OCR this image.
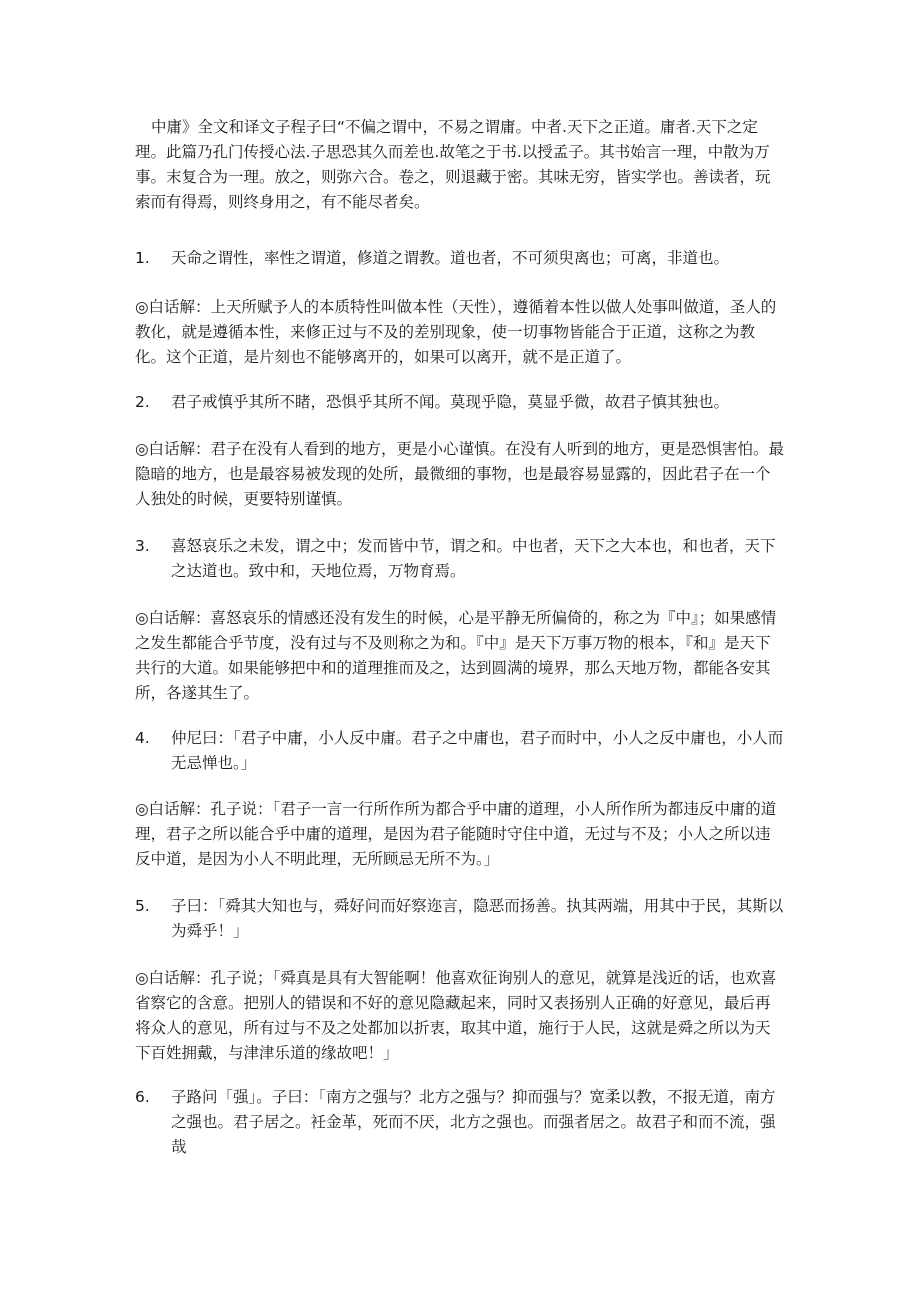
中庸》全文和译文子程子曰“不偏之谓中，不易之谓庸。中者.天下之正道。庸者.天下之定理。此篇乃孔门传授心法.子思恐其久而差也.故笔之于书.以授孟子。其书始言一理，中散为万事。末复合为一理。放之，则弥六合。卷之，则退藏于密。其味无穷，皆实学也。善读者，玩索而有得焉，则终身用之，有不能尽者矣。

1.	天命之谓性，率性之谓道，修道之谓教。道也者，不可须臾离也；可离，非道也。

◎白话解：上天所赋予人的本质特性叫做本性（天性），遵循着本性以做人处事叫做道，圣人的教化，就是遵循本性，来修正过与不及的差别现象，使一切事物皆能合于正道，这称之为教化。这个正道，是片刻也不能够离开的，如果可以离开，就不是正道了。

2.	君子戒慎乎其所不睹，恐惧乎其所不闻。莫现乎隐，莫显乎微，故君子慎其独也。

◎白话解：君子在没有人看到的地方，更是小心谨慎。在没有人听到的地方，更是恐惧害怕。最隐暗的地方，也是最容易被发现的处所，最微细的事物，也是最容易显露的，因此君子在一个人独处的时候，更要特别谨慎。

3.	喜怒哀乐之未发，谓之中；发而皆中节，谓之和。中也者，天下之大本也，和也者，天下之达道也。致中和，天地位焉，万物育焉。

◎白话解：喜怒哀乐的情感还没有发生的时候，心是平静无所偏倚的，称之为『中』；如果感情之发生都能合乎节度，没有过与不及则称之为和。『中』是天下万事万物的根本，『和』是天下共行的大道。如果能够把中和的道理推而及之，达到圆满的境界，那么天地万物，都能各安其所，各遂其生了。

4.	仲尼曰：「君子中庸，小人反中庸。君子之中庸也，君子而时中，小人之反中庸也，小人而无忌惮也。」

◎白话解：孔子说：「君子一言一行所作所为都合乎中庸的道理，小人所作所为都违反中庸的道理，君子之所以能合乎中庸的道理，是因为君子能随时守住中道，无过与不及；小人之所以违反中道，是因为小人不明此理，无所顾忌无所不为。」

5.	子曰：「舜其大知也与，舜好问而好察迩言，隐恶而扬善。执其两端，用其中于民，其斯以为舜乎！」

◎白话解：孔子说；「舜真是具有大智能啊！他喜欢征询别人的意见，就算是浅近的话，也欢喜省察它的含意。把别人的错误和不好的意见隐藏起来，同时又表扬别人正确的好意见，最后再将众人的意见，所有过与不及之处都加以折衷，取其中道，施行于人民，这就是舜之所以为天下百姓拥戴，与津津乐道的缘故吧！」

6.	子路问「强」。子曰：「南方之强与？北方之强与？抑而强与？宽柔以教，不报无道，南方之强也。君子居之。衽金革，死而不厌，北方之强也。而强者居之。故君子和而不流，强哉
